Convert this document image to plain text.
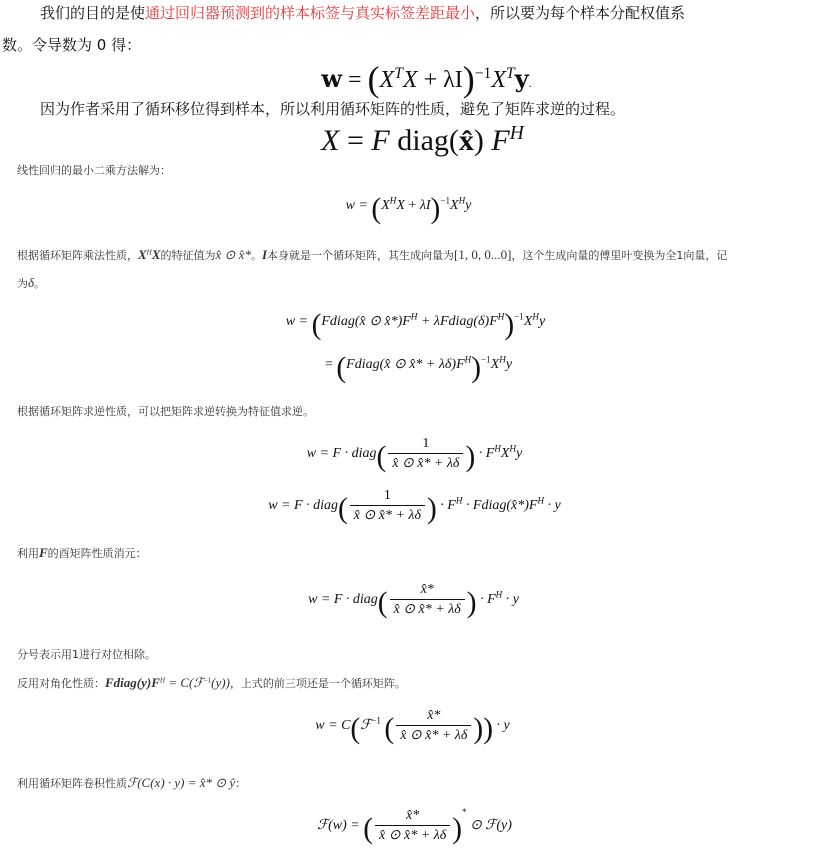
我们的目的是使通过回归器预测到的样本标签与真实标签差距最小，所以要为每个样本分配权值系
数。令导数为 0 得：
$w = (X^TX + \lambda I)^{-1}X^Ty$.
因为作者采用了循环移位得到样本，所以利用循环矩阵的性质，避免了矩阵求逆的过程。
X = F diag(x̂) $F^H$
线性回归的最小二乘方法解为：
$w = (X^HX + \lambda I)^{-1}X^Hy$
根据循环矩阵乘法性质，$X^HX$的特征值为x̂ ⊙ x̂*。I本身就是一个循环矩阵，其生成向量为[1, 0, 0...0]，这个生成向量的傅里叶变换为全1向量，记
为δ。
w = (Fdiag(x̂ ⊙ $x̂*)F^H$ + $\lambda Fdiag(\delta)F^H)^{-1}X^Hy$
= (Fdiag(x̂ ⊙ x̂* + $\lambda\delta)F^H)^{-1}X^Hy$
根据循环矩阵求逆性质，可以把矩阵求逆转换为特征值求逆。
w = F · diag( $\frac{1}{x̂ ⊙ x̂* + \lambda\delta}$ ) · $F^HX^Hy$
w = F · diag( $\frac{1}{x̂ ⊙ x̂* + \lambda\delta}$ ) · $F^H$ · $Fdiag(x̂*)F^H \cdot y$
利用F的酉矩阵性质消元：
w = F · diag( $\frac{x̂*}{x̂ ⊙ x̂* + \lambda\delta}$ ) · $F^H \cdot y$
分号表示用1进行对位相除。
反用对角化性质：$Fdiag(y)F^H$ = C(ℱ$^{-1}$(y))，上式的前三项还是一个循环矩阵。
w = C(ℱ$^{-1}$ ( $\frac{x̂*}{x̂ ⊙ x̂* + \lambda\delta}$ )) · y
利用循环矩阵卷积性质ℱ(C(x) · y) = x̂* ⊙ ŷ：
ℱ(w) = ( $\frac{x̂*}{x̂ ⊙ x̂* + \lambda\delta} )^*$ ⊙ ℱ(y)
